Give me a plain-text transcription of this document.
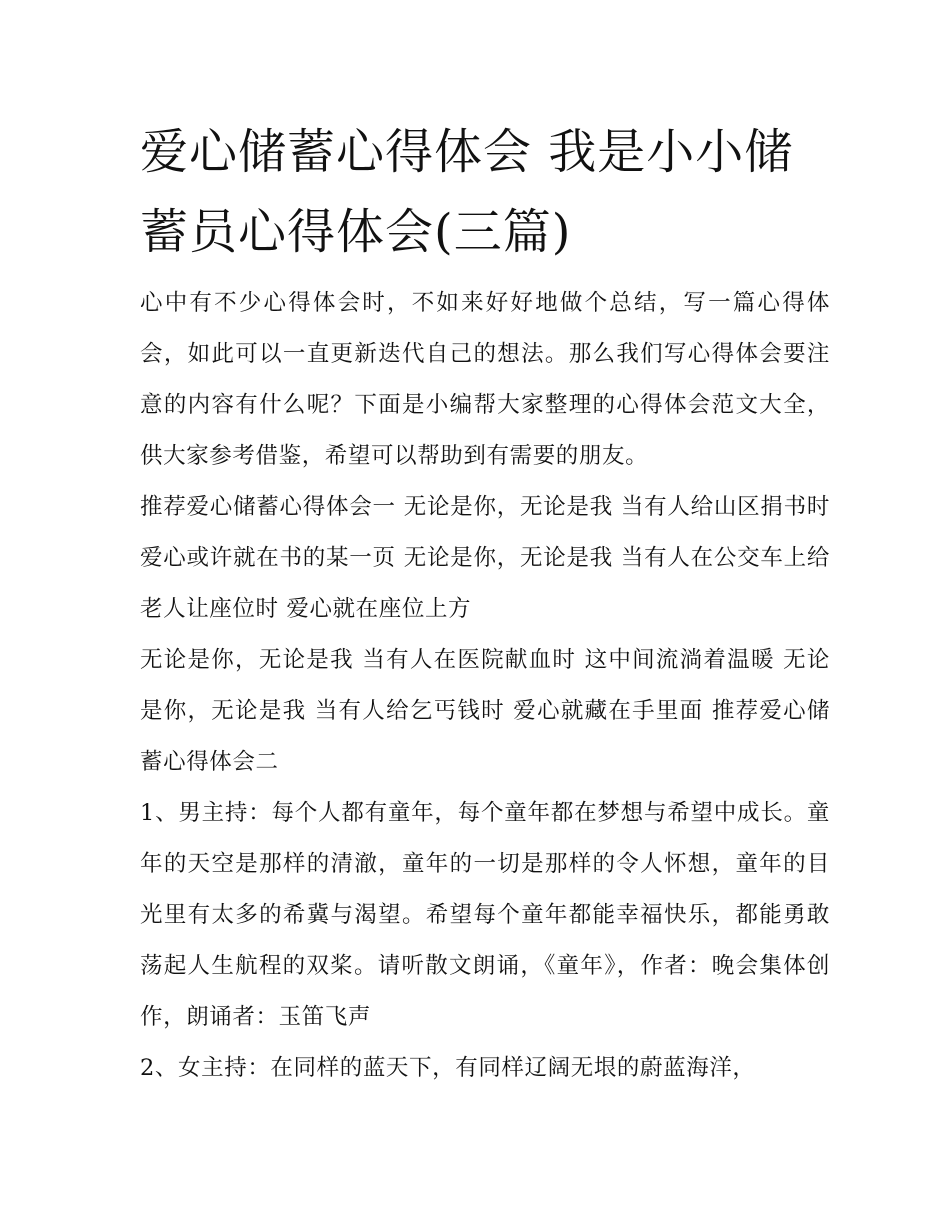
爱心储蓄心得体会 我是小小储蓄员心得体会(三篇)

心中有不少心得体会时，不如来好好地做个总结，写一篇心得体会，如此可以一直更新迭代自己的想法。那么我们写心得体会要注意的内容有什么呢？下面是小编帮大家整理的心得体会范文大全，供大家参考借鉴，希望可以帮助到有需要的朋友。

推荐爱心储蓄心得体会一 无论是你，无论是我 当有人给山区捐书时 爱心或许就在书的某一页 无论是你，无论是我 当有人在公交车上给老人让座位时 爱心就在座位上方

无论是你，无论是我 当有人在医院献血时 这中间流淌着温暖 无论是你，无论是我 当有人给乞丐钱时 爱心就藏在手里面 推荐爱心储蓄心得体会二

1、男主持：每个人都有童年，每个童年都在梦想与希望中成长。童年的天空是那样的清澈，童年的一切是那样的令人怀想，童年的目光里有太多的希冀与渴望。希望每个童年都能幸福快乐，都能勇敢荡起人生航程的双桨。请听散文朗诵，《童年》，作者：晚会集体创作，朗诵者：玉笛飞声

2、女主持：在同样的蓝天下，有同样辽阔无垠的蔚蓝海洋，
